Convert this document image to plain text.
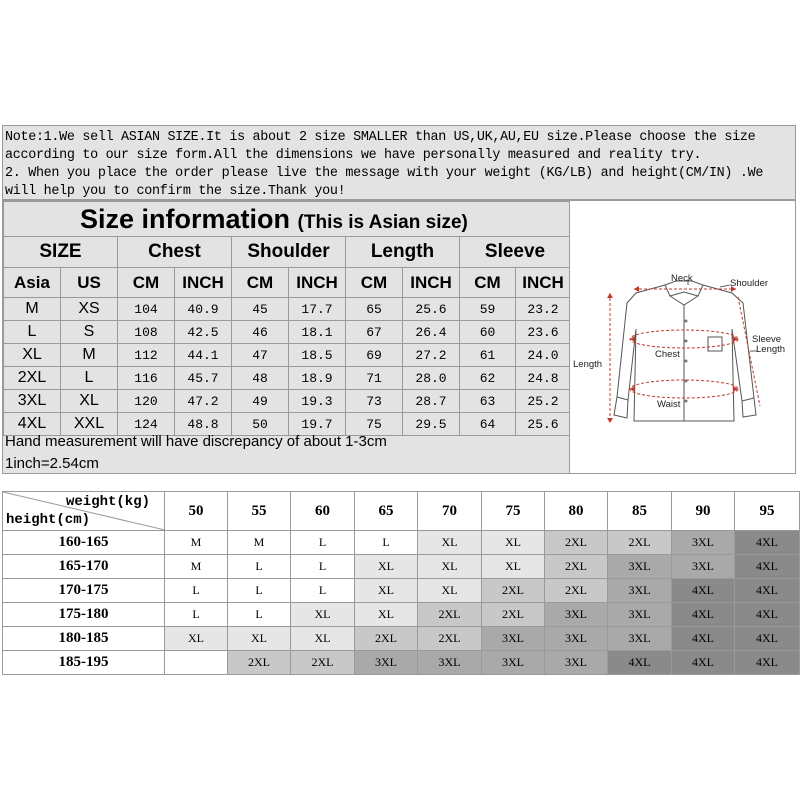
Note:1.We sell ASIAN SIZE.It is about 2 size SMALLER than US,UK,AU,EU size.Please choose the size

according to our size form.All the dimensions we have personally measured and reality try.

2. When you place the order please live the message with your weight (KG/LB) and height(CM/IN) .We

will help you to confirm the size.Thank you!

Size information (This is Asian size)									
SIZE		Chest		Shoulder		Length		Sleeve	
Asia	US	CM	INCH	CM	INCH	CM	INCH	CM	INCH
M	XS	104	40.9	45	17.7	65	25.6	59	23.2
L	S	108	42.5	46	18.1	67	26.4	60	23.6
XL	M	112	44.1	47	18.5	69	27.2	61	24.0
2XL	L	116	45.7	48	18.9	71	28.0	62	24.8
3XL	XL	120	47.2	49	19.3	73	28.7	63	25.2
4XL	XXL	124	48.8	50	19.7	75	29.5	64	25.6
Hand measurement will have discrepancy of about 1-3cm
1inch=2.54cm
Neck	Shoulder
Sleeve
Length
Length
Chest
Waist
weight(kg)
height(cm)	50	55	60	65	70	75	80	85	90	95
160-165	M	M	L	L	XL	XL	2XL	2XL	3XL	4XL
165-170	M	L	L	XL	XL	XL	2XL	3XL	3XL	4XL
170-175	L	L	L	XL	XL	2XL	2XL	3XL	4XL	4XL
175-180	L	L	XL	XL	2XL	2XL	3XL	3XL	4XL	4XL
180-185	XL	XL	XL	2XL	2XL	3XL	3XL	3XL	4XL	4XL
185-195		2XL	2XL	3XL	3XL	3XL	3XL	4XL	4XL	4XL
